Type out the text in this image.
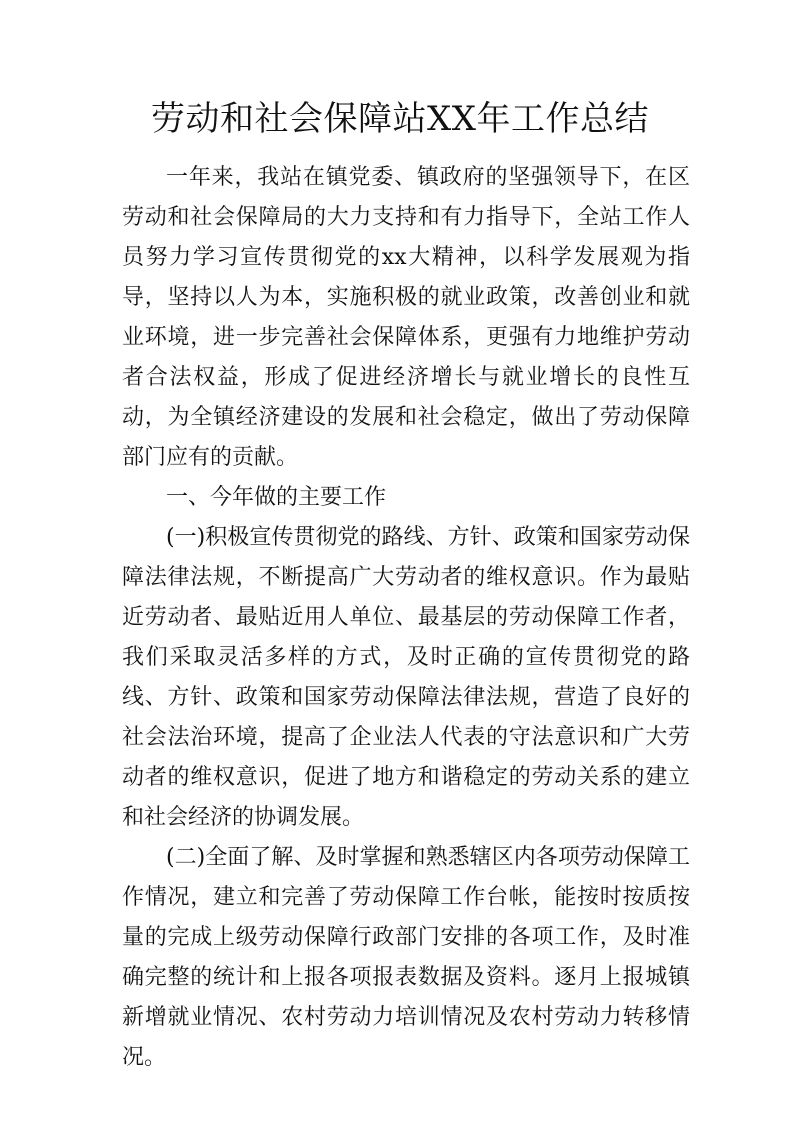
劳动和社会保障站XX年工作总结

一年来，我站在镇党委、镇政府的坚强领导下，在区劳动和社会保障局的大力支持和有力指导下，全站工作人员努力学习宣传贯彻党的xx大精神，以科学发展观为指导，坚持以人为本，实施积极的就业政策，改善创业和就业环境，进一步完善社会保障体系，更强有力地维护劳动者合法权益，形成了促进经济增长与就业增长的良性互动，为全镇经济建设的发展和社会稳定，做出了劳动保障部门应有的贡献。

一、今年做的主要工作

(一)积极宣传贯彻党的路线、方针、政策和国家劳动保障法律法规，不断提高广大劳动者的维权意识。作为最贴近劳动者、最贴近用人单位、最基层的劳动保障工作者，我们采取灵活多样的方式，及时正确的宣传贯彻党的路线、方针、政策和国家劳动保障法律法规，营造了良好的社会法治环境，提高了企业法人代表的守法意识和广大劳动者的维权意识，促进了地方和谐稳定的劳动关系的建立和社会经济的协调发展。

(二)全面了解、及时掌握和熟悉辖区内各项劳动保障工作情况，建立和完善了劳动保障工作台帐，能按时按质按量的完成上级劳动保障行政部门安排的各项工作，及时准确完整的统计和上报各项报表数据及资料。逐月上报城镇新增就业情况、农村劳动力培训情况及农村劳动力转移情况。
